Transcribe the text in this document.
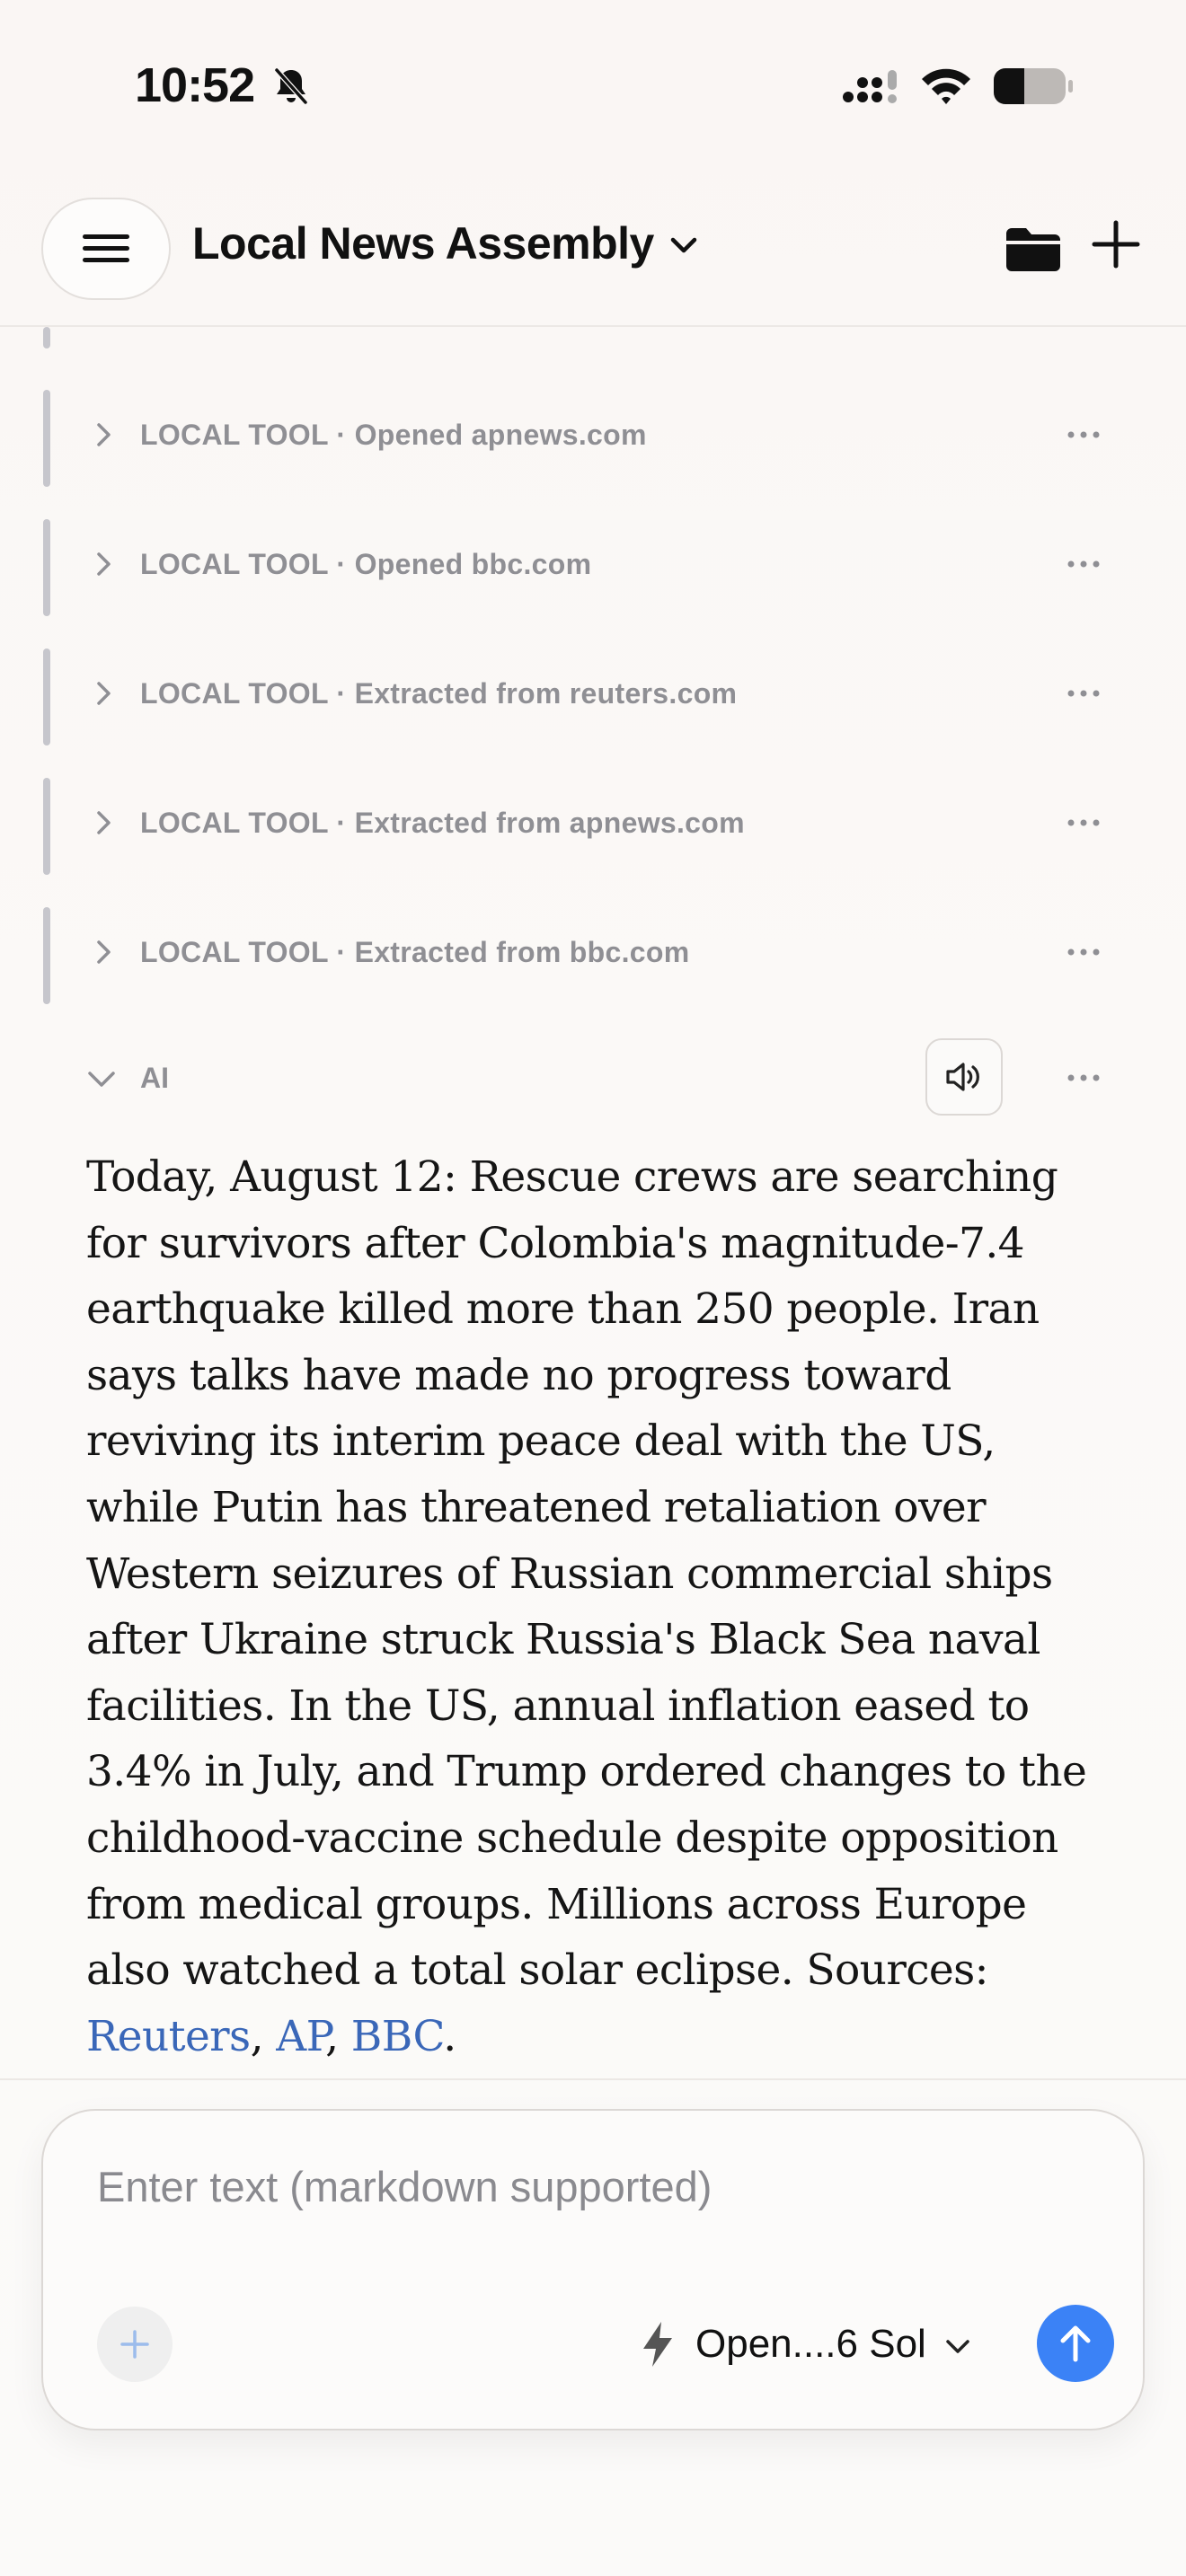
10:52
Local News Assembly
LOCAL TOOL · Opened apnews.com
LOCAL TOOL · Opened bbc.com
LOCAL TOOL · Extracted from reuters.com
LOCAL TOOL · Extracted from apnews.com
LOCAL TOOL · Extracted from bbc.com
AI
Today, August 12: Rescue crews are searching for survivors after Colombia's magnitude-7.4 earthquake killed more than 250 people. Iran says talks have made no progress toward reviving its interim peace deal with the US, while Putin has threatened retaliation over Western seizures of Russian commercial ships after Ukraine struck Russia's Black Sea naval facilities. In the US, annual inflation eased to 3.4% in July, and Trump ordered changes to the childhood-vaccine schedule despite opposition from medical groups. Millions across Europe also watched a total solar eclipse. Sources: Reuters, AP, BBC.
Enter text (markdown supported)
Open....6 Sol
